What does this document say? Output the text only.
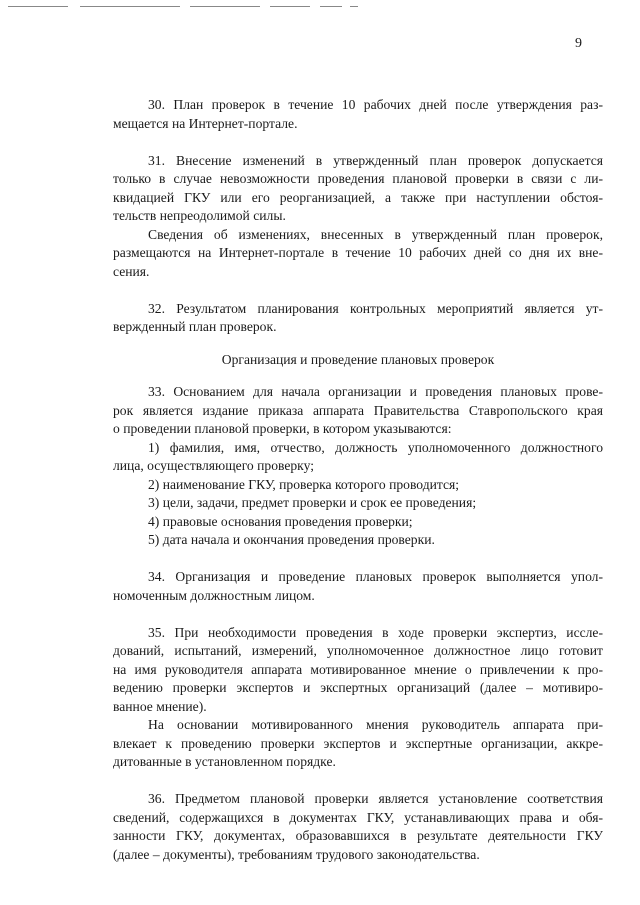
9
30. План проверок в течение 10 рабочих дней после утверждения раз-
мещается на Интернет-портале.
31. Внесение изменений в утвержденный план проверок допускается
только в случае невозможности проведения плановой проверки в связи с ли-
квидацией ГКУ или его реорганизацией, а также при наступлении обстоя-
тельств непреодолимой силы.
Сведения об изменениях, внесенных в утвержденный план проверок,
размещаются на Интернет-портале в течение 10 рабочих дней со дня их вне-
сения.
32. Результатом планирования контрольных мероприятий является ут-
вержденный план проверок.
Организация и проведение плановых проверок
33. Основанием для начала организации и проведения плановых прове-
рок является издание приказа аппарата Правительства Ставропольского края
о проведении плановой проверки, в котором указываются:
1) фамилия, имя, отчество, должность уполномоченного должностного
лица, осуществляющего проверку;
2) наименование ГКУ, проверка которого проводится;
3) цели, задачи, предмет проверки и срок ее проведения;
4) правовые основания проведения проверки;
5) дата начала и окончания проведения проверки.
34. Организация и проведение плановых проверок выполняется упол-
номоченным должностным лицом.
35. При необходимости проведения в ходе проверки экспертиз, иссле-
дований, испытаний, измерений, уполномоченное должностное лицо готовит
на имя руководителя аппарата мотивированное мнение о привлечении к про-
ведению проверки экспертов и экспертных организаций (далее – мотивиро-
ванное мнение).
На основании мотивированного мнения руководитель аппарата при-
влекает к проведению проверки экспертов и экспертные организации, аккре-
дитованные в установленном порядке.
36. Предметом плановой проверки является установление соответствия
сведений, содержащихся в документах ГКУ, устанавливающих права и обя-
занности ГКУ, документах, образовавшихся в результате деятельности ГКУ
(далее – документы), требованиям трудового законодательства.
